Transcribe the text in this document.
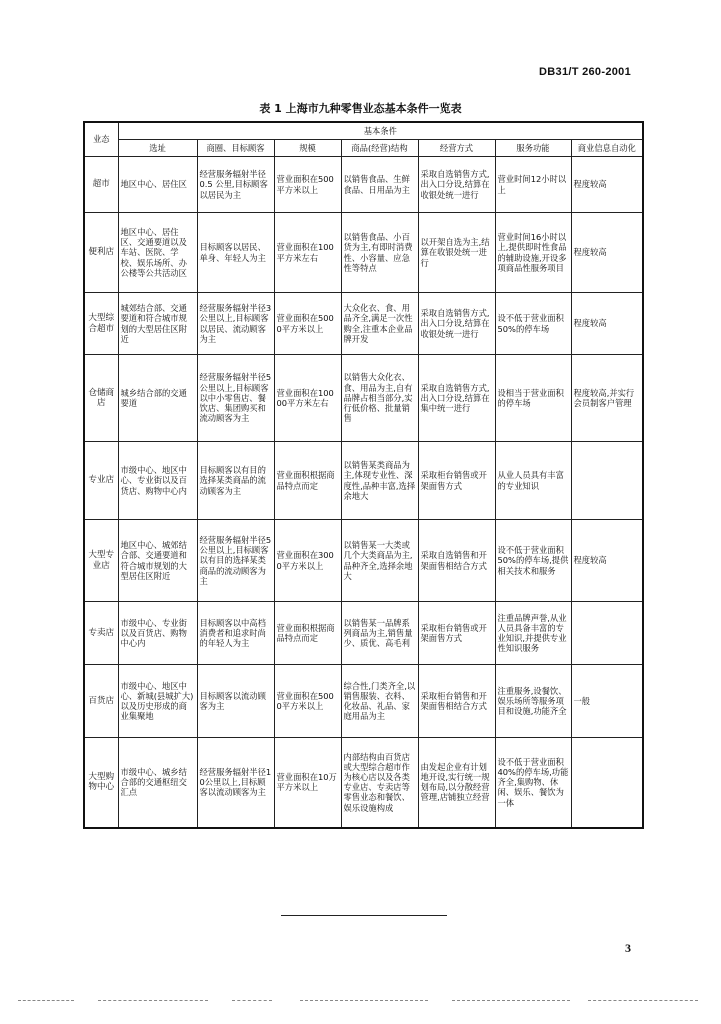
DB31/T 260-2001
表 1 上海市九种零售业态基本条件一览表
业态	基本条件						
	选址	商圈、目标顾客	规模	商品(经营)结构	经营方式	服务功能	商业信息自动化
超市	地区中心、居住区	经营服务辐射半径 0.5 公里,目标顾客以居民为主	营业面积在500平方米以上	以销售食品、生鲜食品、日用品为主	采取自选销售方式,出入口分设,结算在收银处统一进行	营业时间12小时以上	程度较高
便利店	地区中心、居住区、交通要道以及车站、医院、学校、娱乐场所、办公楼等公共活动区	目标顾客以居民、单身、年轻人为主	营业面积在100平方米左右	以销售食品、小百货为主,有即时消费性、小容量、应急性等特点	以开架自选为主,结算在收银处统一进行	营业时间16小时以上,提供即时性食品的辅助设施,开设多项商品性服务项目	程度较高
大型综合超市	城郊结合部、交通要道和符合城市规划的大型居住区附近	经营服务辐射半径3公里以上,目标顾客以居民、流动顾客为主	营业面积在5000平方米以上	大众化衣、食、用品齐全,满足一次性购全,注重本企业品牌开发	采取自选销售方式,出入口分设,结算在收银处统一进行	设不低于营业面积50%的停车场	程度较高
仓储商店	城乡结合部的交通要道	经营服务辐射半径5公里以上,目标顾客以中小零售店、餐饮店、集团购买和流动顾客为主	营业面积在10000平方米左右	以销售大众化衣、食、用品为主,自有品牌占相当部分,实行低价格、批量销售	采取自选销售方式,出入口分设,结算在集中统一进行	设相当于营业面积的停车场	程度较高,并实行会员制客户管理
专业店	市级中心、地区中心、专业街以及百货店、购物中心内	目标顾客以有目的选择某类商品的流动顾客为主	营业面积根据商品特点而定	以销售某类商品为主,体现专业性、深度性,品种丰富,选择余地大	采取柜台销售或开架面售方式	从业人员具有丰富的专业知识	
大型专业店	地区中心、城郊结合部、交通要道和符合城市规划的大型居住区附近	经营服务辐射半径5公里以上,目标顾客以有目的选择某类商品的流动顾客为主	营业面积在3000平方米以上	以销售某一大类或几个大类商品为主,品种齐全,选择余地大	采取自选销售和开架面售相结合方式	设不低于营业面积50%的停车场,提供相关技术和服务	程度较高
专卖店	市级中心、专业街以及百货店、购物中心内	目标顾客以中高档消费者和追求时尚的年轻人为主	营业面积根据商品特点而定	以销售某一品牌系列商品为主,销售量少、质优、高毛利	采取柜台销售或开架面售方式	注重品牌声誉,从业人员具备丰富的专业知识,并提供专业性知识服务	
百货店	市级中心、地区中心、新城(县城扩大)以及历史形成的商业集聚地	目标顾客以流动顾客为主	营业面积在5000平方米以上	综合性,门类齐全,以销售服装、衣料、化妆品、礼品、家庭用品为主	采取柜台销售和开架面售相结合方式	注重服务,设餐饮、娱乐场所等服务项目和设施,功能齐全	一般
大型购物中心	市级中心、城乡结合部的交通枢纽交汇点	经营服务辐射半径10公里以上,目标顾客以流动顾客为主	营业面积在10万平方米以上	内部结构由百货店或大型综合超市作为核心店以及各类专业店、专卖店等零售业态和餐饮、娱乐设施构成	由发起企业有计划地开设,实行统一规划布局,以分散经营管理,店铺独立经营	设不低于营业面积40%的停车场,功能齐全,集购物、休闲、娱乐、餐饮为一体	
3
